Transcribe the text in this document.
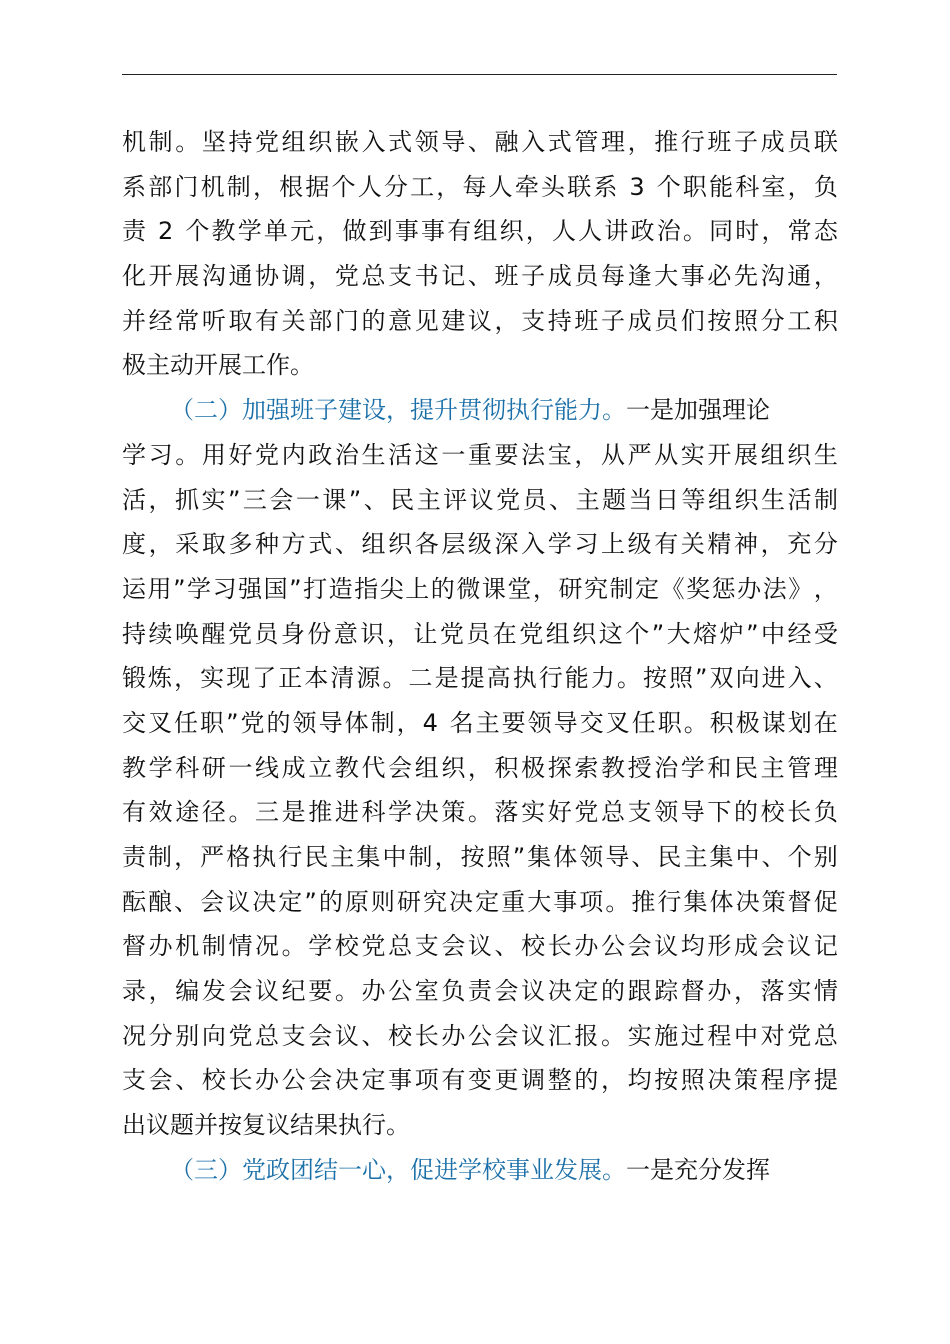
机 制 。 坚 持 党 组 织 嵌 入 式 领 导 、 融 入 式 管 理 ， 推 行 班 子 成 员 联
系 部 门 机 制 ， 根 据 个 人 分 工 ， 每 人 牵 头 联 系
3
个 职 能 科 室 ， 负
责
2
个 教 学 单 元 ， 做 到 事 事 有 组 织 ， 人 人 讲 政 治 。 同 时 ， 常 态
化 开 展 沟 通 协 调 ， 党 总 支 书 记 、 班 子 成 员 每 逢 大 事 必 先 沟 通 ，
并 经 常 听 取 有 关 部 门 的 意 见 建 议 ， 支 持 班 子 成 员 们 按 照 分 工 积
极主动开展工作。
（二）加强班子建设，提升贯彻执行能力。 一是加强理论
学 习 。 用 好 党 内 政 治 生 活 这 一 重 要 法 宝 ， 从 严 从 实 开 展 组 织 生
活 ， 抓 实 ” 三 会 一 课 ” 、 民 主 评 议 党 员 、 主 题 当 日 等 组 织 生 活 制
度 ， 采 取 多 种 方 式 、 组 织 各 层 级 深 入 学 习 上 级 有 关 精 神 ， 充 分
运 用 ” 学 习 强 国 ” 打 造 指 尖 上 的 微 课 堂 ， 研 究 制 定 《 奖 惩 办 法 》 ，
持 续 唤 醒 党 员 身 份 意 识 ， 让 党 员 在 党 组 织 这 个 ” 大 熔 炉 ” 中 经 受
锻 炼 ， 实 现 了 正 本 清 源 。 二 是 提 高 执 行 能 力 。 按 照 ” 双 向 进 入 、
交 叉 任 职 ” 党 的 领 导 体 制 ， 4
名 主 要 领 导 交 叉 任 职 。 积 极 谋 划 在
教 学 科 研 一 线 成 立 教 代 会 组 织 ， 积 极 探 索 教 授 治 学 和 民 主 管 理
有 效 途 径 。 三 是 推 进 科 学 决 策 。 落 实 好 党 总 支 领 导 下 的 校 长 负
责 制 ， 严 格 执 行 民 主 集 中 制 ， 按 照 ” 集 体 领 导 、 民 主 集 中 、 个 别
酝 酿 、 会 议 决 定 ” 的 原 则 研 究 决 定 重 大 事 项 。 推 行 集 体 决 策 督 促
督 办 机 制 情 况 。 学 校 党 总 支 会 议 、 校 长 办 公 会 议 均 形 成 会 议 记
录 ， 编 发 会 议 纪 要 。 办 公 室 负 责 会 议 决 定 的 跟 踪 督 办 ， 落 实 情
况 分 别 向 党 总 支 会 议 、 校 长 办 公 会 议 汇 报 。 实 施 过 程 中 对 党 总
支 会 、 校 长 办 公 会 决 定 事 项 有 变 更 调 整 的 ， 均 按 照 决 策 程 序 提
出议题并按复议结果执行。
（三）党政团结一心，促进学校事业发展。 一是充分发挥
